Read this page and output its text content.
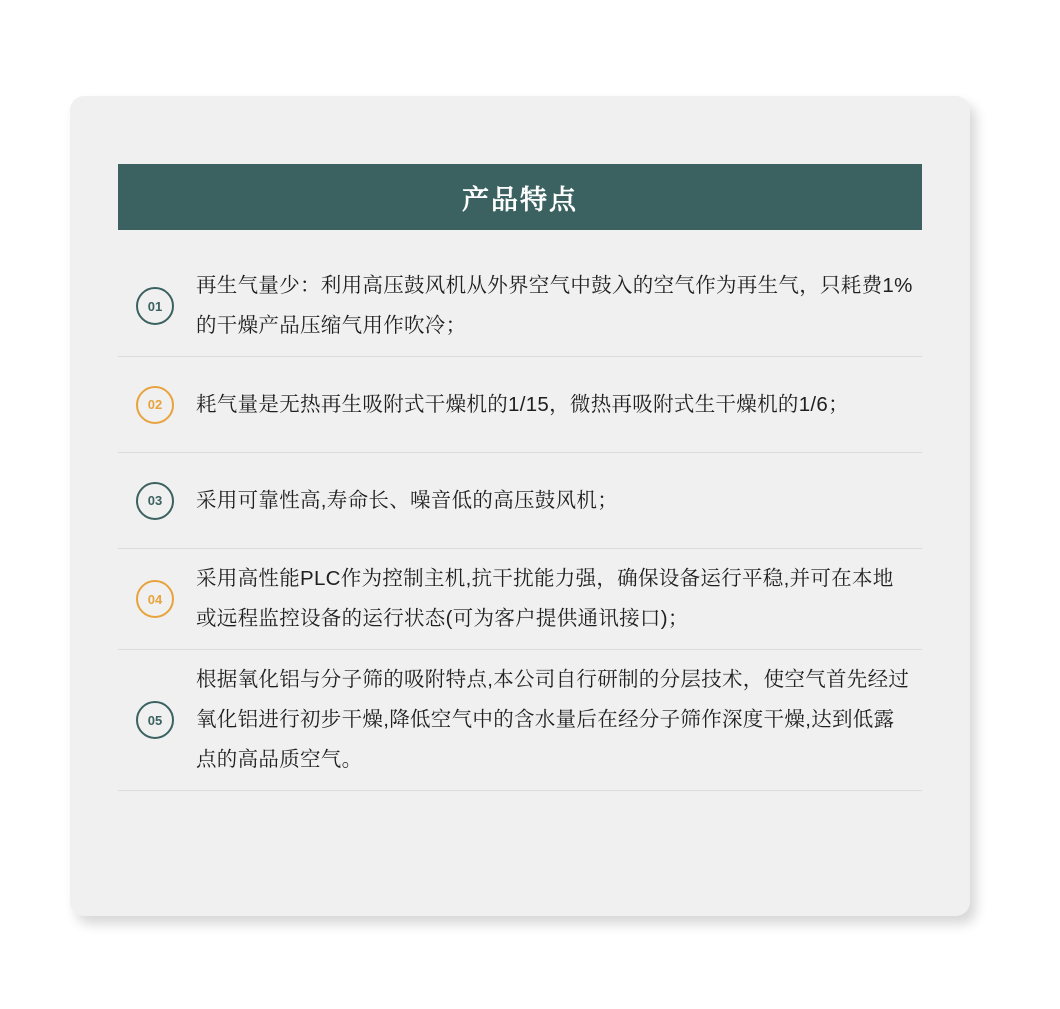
产品特点
01
再生气量少：利用高压鼓风机从外界空气中鼓入的空气作为再生气，只耗费1%的干燥产品压缩气用作吹冷；
02	耗气量是无热再生吸附式干燥机的1/15，微热再吸附式生干燥机的1/6；
03	采用可靠性高,寿命长、噪音低的高压鼓风机；
04
采用高性能PLC作为控制主机,抗干扰能力强，确保设备运行平稳,并可在本地或远程监控设备的运行状态(可为客户提供通讯接口)；
05
根据氧化铝与分子筛的吸附特点,本公司自行研制的分层技术，使空气首先经过氧化铝进行初步干燥,降低空气中的含水量后在经分子筛作深度干燥,达到低露点的高品质空气。
